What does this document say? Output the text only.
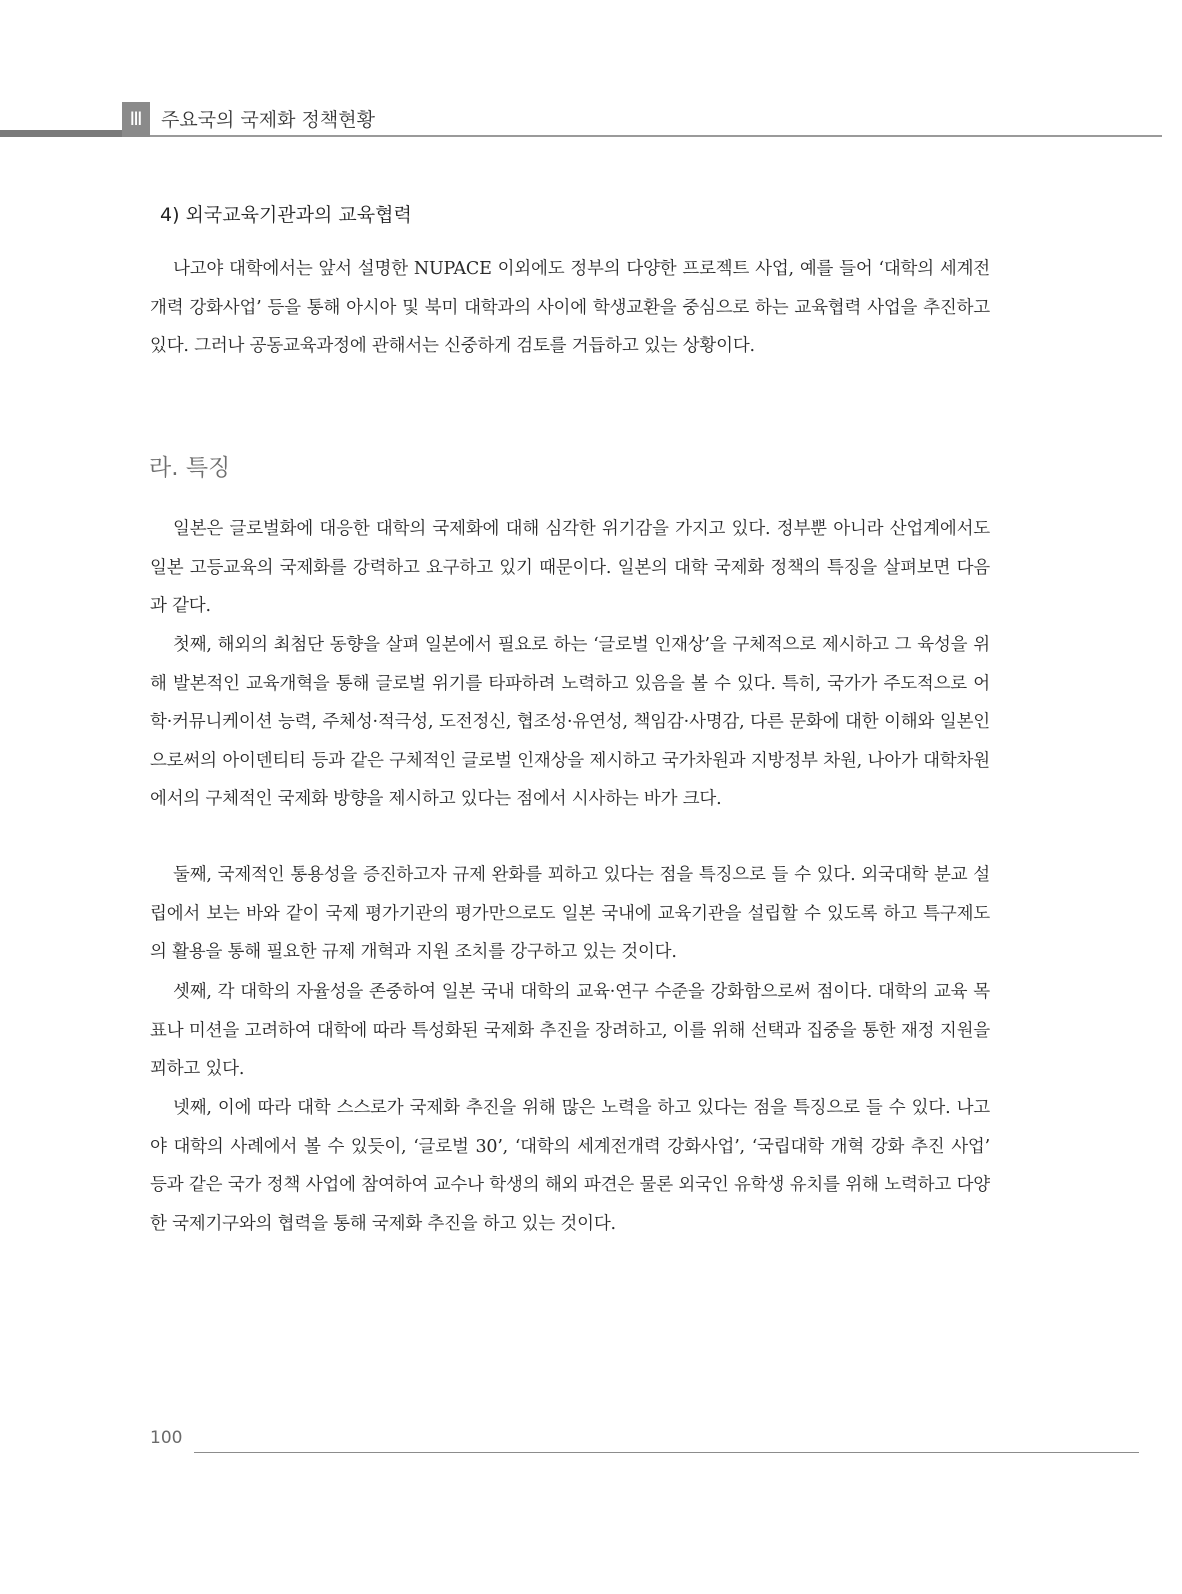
Ⅲ 주요국의 국제화 정책현황
4) 외국교육기관과의 교육협력

나고야 대학에서는 앞서 설명한 NUPACE 이외에도 정부의 다양한 프로젝트 사업, 예를 들어 ‘대학의 세계전개력 강화사업’ 등을 통해 아시아 및 북미 대학과의 사이에 학생교환을 중심으로 하는 교육협력 사업을 추진하고 있다. 그러나 공동교육과정에 관해서는 신중하게 검토를 거듭하고 있는 상황이다.

라. 특징

일본은 글로벌화에 대응한 대학의 국제화에 대해 심각한 위기감을 가지고 있다. 정부뿐 아니라 산업계에서도 일본 고등교육의 국제화를 강력하고 요구하고 있기 때문이다. 일본의 대학 국제화 정책의 특징을 살펴보면 다음과 같다.

첫째, 해외의 최첨단 동향을 살펴 일본에서 필요로 하는 ‘글로벌 인재상’을 구체적으로 제시하고 그 육성을 위해 발본적인 교육개혁을 통해 글로벌 위기를 타파하려 노력하고 있음을 볼 수 있다. 특히, 국가가 주도적으로 어학·커뮤니케이션 능력, 주체성·적극성, 도전정신, 협조성·유연성, 책임감·사명감, 다른 문화에 대한 이해와 일본인으로써의 아이덴티티 등과 같은 구체적인 글로벌 인재상을 제시하고 국가차원과 지방정부 차원, 나아가 대학차원에서의 구체적인 국제화 방향을 제시하고 있다는 점에서 시사하는 바가 크다.

둘째, 국제적인 통용성을 증진하고자 규제 완화를 꾀하고 있다는 점을 특징으로 들 수 있다. 외국대학 분교 설립에서 보는 바와 같이 국제 평가기관의 평가만으로도 일본 국내에 교육기관을 설립할 수 있도록 하고 특구제도의 활용을 통해 필요한 규제 개혁과 지원 조치를 강구하고 있는 것이다.

셋째, 각 대학의 자율성을 존중하여 일본 국내 대학의 교육·연구 수준을 강화함으로써 점이다. 대학의 교육 목표나 미션을 고려하여 대학에 따라 특성화된 국제화 추진을 장려하고, 이를 위해 선택과 집중을 통한 재정 지원을 꾀하고 있다.

넷째, 이에 따라 대학 스스로가 국제화 추진을 위해 많은 노력을 하고 있다는 점을 특징으로 들 수 있다. 나고야 대학의 사례에서 볼 수 있듯이, ‘글로벌 30’, ‘대학의 세계전개력 강화사업’, ‘국립대학 개혁 강화 추진 사업’ 등과 같은 국가 정책 사업에 참여하여 교수나 학생의 해외 파견은 물론 외국인 유학생 유치를 위해 노력하고 다양한 국제기구와의 협력을 통해 국제화 추진을 하고 있는 것이다.

100
